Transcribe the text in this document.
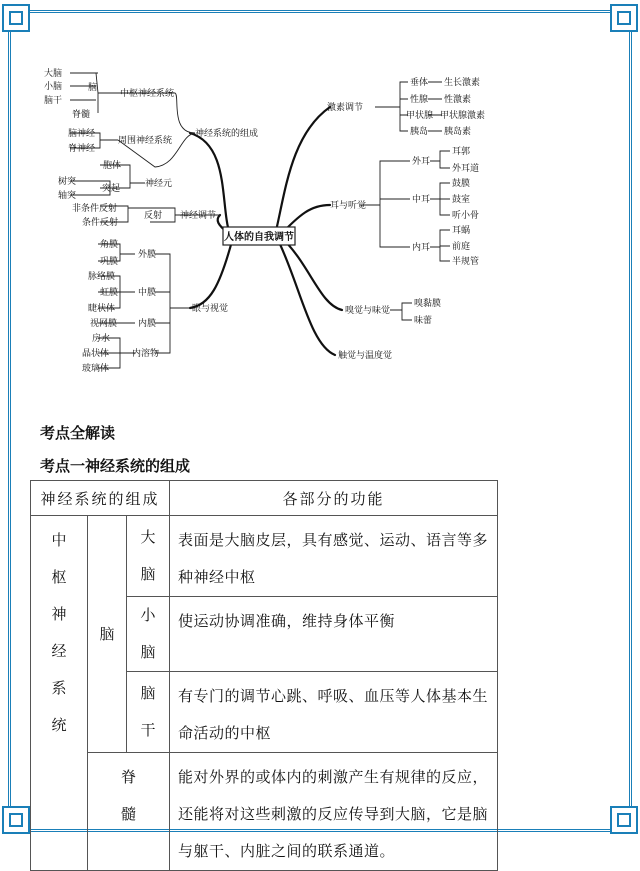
人体的自我调节
神经系统的组成
中枢神经系统
脑
大脑
小脑
脑干
脊髓
周围神经系统
脑神经
脊神经
神经元
胞体
突起
树突
轴突
神经调节
反射
非条件反射
条件反射
眼与视觉
外膜
角膜
巩膜
中膜
脉络膜
虹膜
睫状体
内膜
视网膜
内溶物
房水
晶状体
玻璃体
激素调节
垂体
性腺
甲状腺
胰岛
生长激素
性激素
甲状腺激素
胰岛素
耳与听觉
外耳
耳郭
外耳道
中耳
鼓膜
鼓室
听小骨
内耳
耳蜗
前庭
半规管
嗅觉与味觉
嗅黏膜
味蕾
触觉与温度觉
考点全解读
考点一神经系统的组成
神经系统的组成			各部分的功能

中枢神经系统	脑	大脑	表面是大脑皮层，具有感觉、运动、语言等多种神经中枢

		小脑	使运动协调准确，维持身体平衡

		脑干	有专门的调节心跳、呼吸、血压等人体基本生命活动的中枢

	脊髓		能对外界的或体内的刺激产生有规律的反应，还能将对这些刺激的反应传导到大脑，它是脑与躯干、内脏之间的联系通道。
